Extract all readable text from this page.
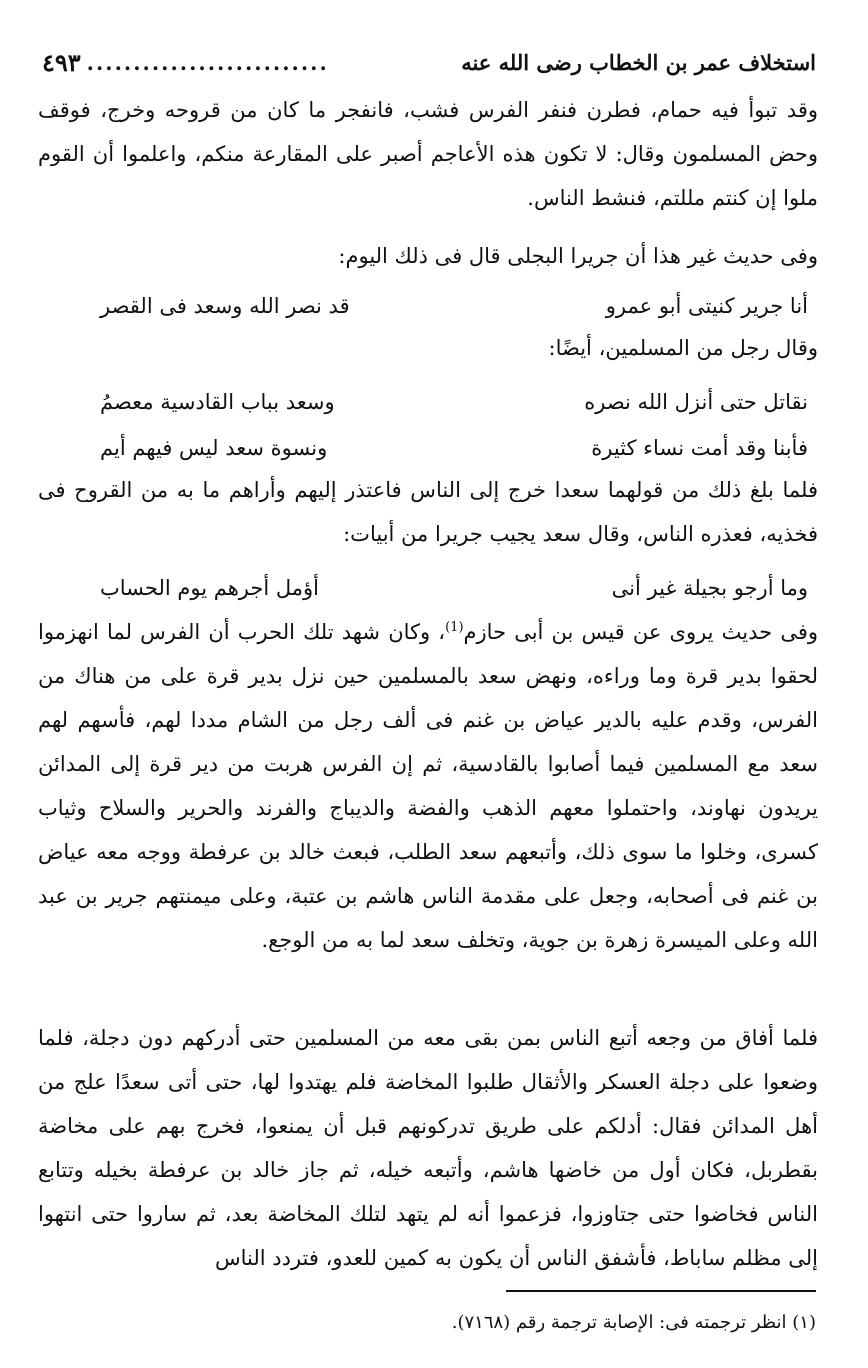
استخلاف عمر بن الخطاب رضى الله عنه
..........................
٤٩٣

وقد تبوأ فيه حمام، فطرن فنفر الفرس فشب، فانفجر ما كان من قروحه وخرج، فوقف وحض المسلمون وقال: لا تكون هذه الأعاجم أصبر على المقارعة منكم، واعلموا أن القوم ملوا إن كنتم مللتم، فنشط الناس.

وفى حديث غير هذا أن جريرا البجلى قال فى ذلك اليوم:

أنا جرير كنيتى أبو عمرو
قد نصر الله وسعد فى القصر

وقال رجل من المسلمين، أيضًا:

نقاتل حتى أنزل الله نصره
وسعد بباب القادسية معصمُ
فأبنا وقد أمت نساء كثيرة
ونسوة سعد ليس فيهم أيم

فلما بلغ ذلك من قولهما سعدا خرج إلى الناس فاعتذر إليهم وأراهم ما به من القروح فى فخذيه، فعذره الناس، وقال سعد يجيب جريرا من أبيات:

وما أرجو بجيلة غير أنى
أؤمل أجرهم يوم الحساب

وفى حديث يروى عن قيس بن أبى حازم$^{(1)}$، وكان شهد تلك الحرب أن الفرس لما انهزموا لحقوا بدير قرة وما وراءه، ونهض سعد بالمسلمين حين نزل بدير قرة على من هناك من الفرس، وقدم عليه بالدير عياض بن غنم فى ألف رجل من الشام مددا لهم، فأسهم لهم سعد مع المسلمين فيما أصابوا بالقادسية، ثم إن الفرس هربت من دير قرة إلى المدائن يريدون نهاوند، واحتملوا معهم الذهب والفضة والديباج والفرند والحرير والسلاح وثياب كسرى، وخلوا ما سوى ذلك، وأتبعهم سعد الطلب، فبعث خالد بن عرفطة ووجه معه عياض بن غنم فى أصحابه، وجعل على مقدمة الناس هاشم بن عتبة، وعلى ميمنتهم جرير بن عبد الله وعلى الميسرة زهرة بن جوية، وتخلف سعد لما به من الوجع.

فلما أفاق من وجعه أتبع الناس بمن بقى معه من المسلمين حتى أدركهم دون دجلة، فلما وضعوا على دجلة العسكر والأثقال طلبوا المخاضة فلم يهتدوا لها، حتى أتى سعدًا علج من أهل المدائن فقال: أدلكم على طريق تدركونهم قبل أن يمنعوا، فخرج بهم على مخاضة بقطربل، فكان أول من خاضها هاشم، وأتبعه خيله، ثم جاز خالد بن عرفطة بخيله وتتابع الناس فخاضوا حتى جتاوزوا، فزعموا أنه لم يتهد لتلك المخاضة بعد، ثم ساروا حتى انتهوا إلى مظلم ساباط، فأشفق الناس أن يكون به كمين للعدو، فتردد الناس

(١) انظر ترجمته فى: الإصابة ترجمة رقم (٧١٦٨).
